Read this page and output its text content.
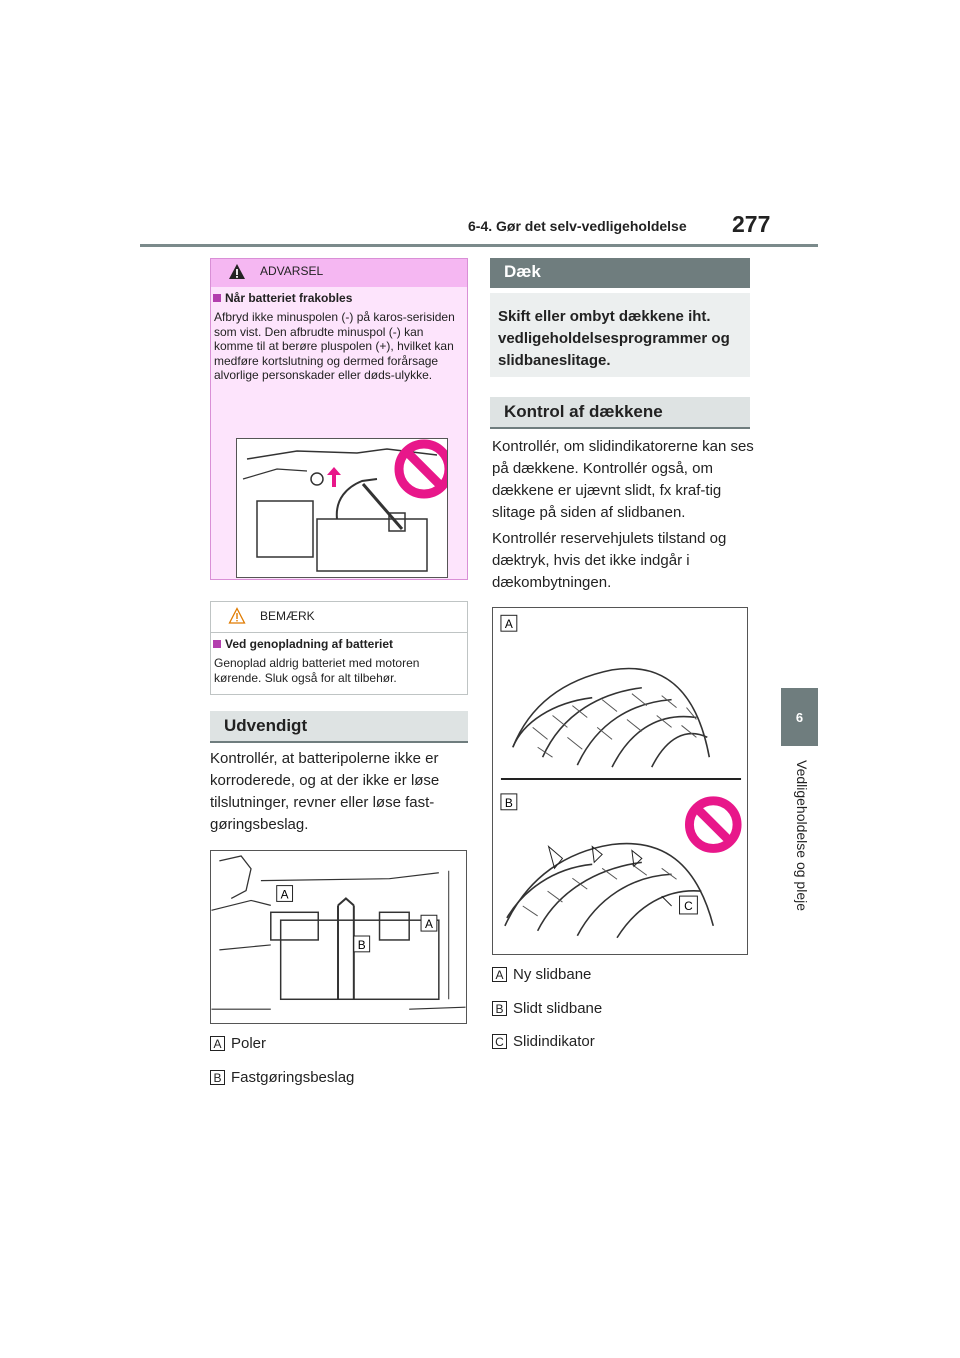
6-4. Gør det selv-vedligeholdelse 277
6
Vedligeholdelse og pleje
ADVARSEL
Når batteriet frakobles
Afbryd ikke minuspolen (-) på karos-serisiden som vist. Den afbrudte minuspol (-) kan komme til at berøre pluspolen (+), hvilket kan medføre kortslutning og dermed forårsage alvorlige personskader eller døds-ulykke.
BEMÆRK
Ved genopladning af batteriet
Genoplad aldrig batteriet med motoren kørende. Sluk også for alt tilbehør.
Udvendigt
Kontrollér, at batteripolerne ikke er korroderede, og at der ikke er løse tilslutninger, revner eller løse fast-gøringsbeslag.
A
B
A
A Poler
B Fastgøringsbeslag
Dæk
Skift eller ombyt dækkene iht. vedligeholdelsesprogrammer og slidbaneslitage.
Kontrol af dækkene
Kontrollér, om slidindikatorerne kan ses på dækkene. Kontrollér også, om dækkene er ujævnt slidt, fx kraf-tig slitage på siden af slidbanen.
Kontrollér reservehjulets tilstand og dæktryk, hvis det ikke indgår i dækombytningen.
A
B
C
A Ny slidbane
B Slidt slidbane
C Slidindikator
